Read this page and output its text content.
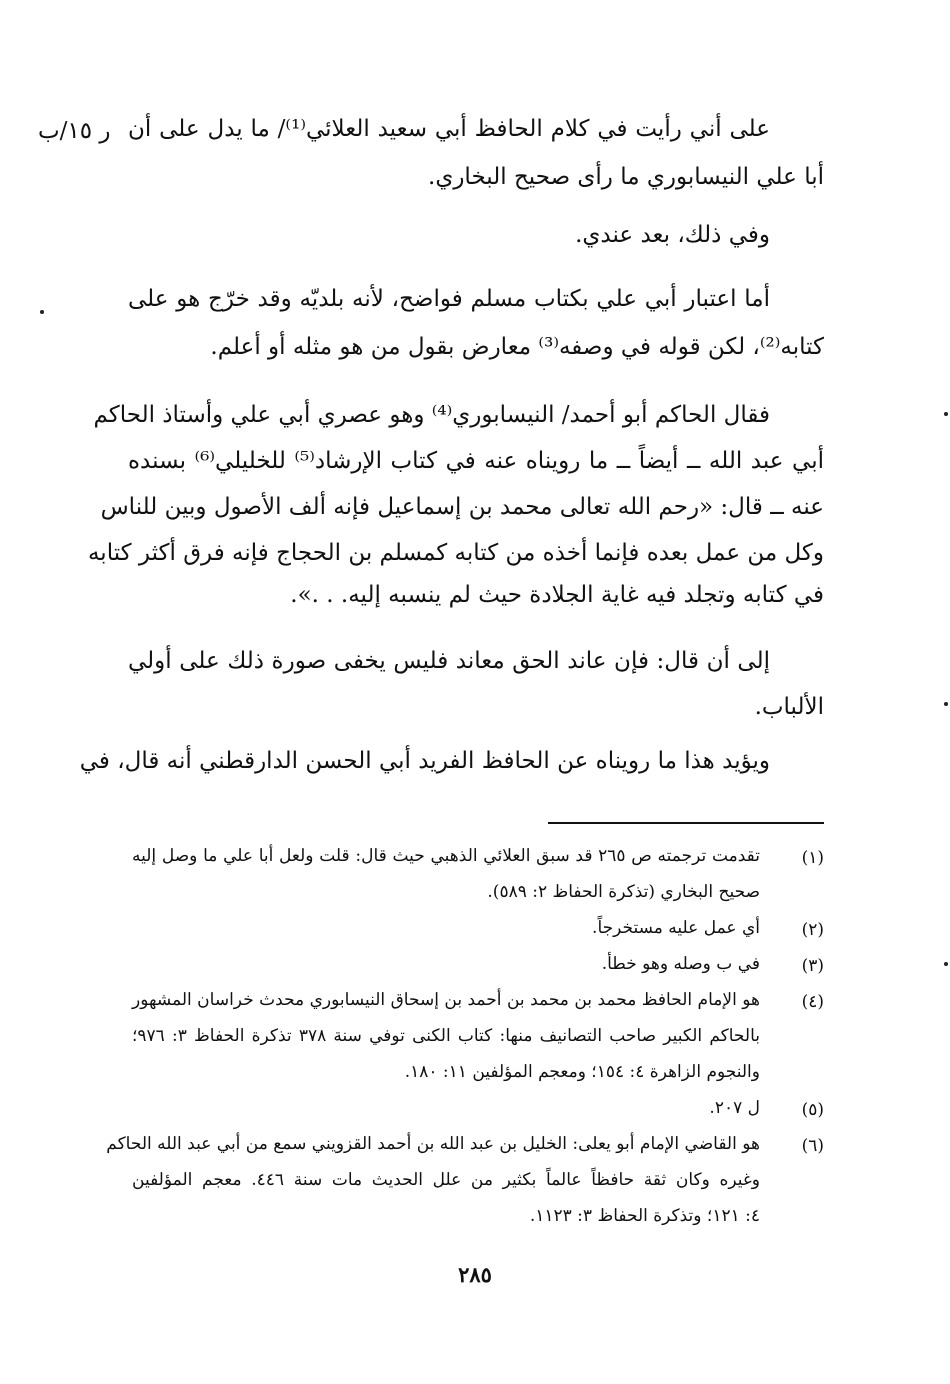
ر ١٥/ب على أني رأيت في كلام الحافظ أبي سعيد العلائي⁽¹⁾/ ما يدل على أن
أبا علي النيسابوري ما رأى صحيح البخاري.
وفي ذلك، بعد عندي.
أما اعتبار أبي علي بكتاب مسلم فواضح، لأنه بلديّه وقد خرّج هو على
كتابه⁽²⁾، لكن قوله في وصفه⁽³⁾ معارض بقول من هو مثله أو أعلم.
فقال الحاكم أبو أحمد/ النيسابوري⁽⁴⁾ وهو عصري أبي علي وأستاذ الحاكم
أبي عبد الله ــ أيضاً ــ ما رويناه عنه في كتاب الإرشاد⁽⁵⁾ للخليلي⁽⁶⁾ بسنده
عنه ــ قال: «رحم الله تعالى محمد بن إسماعيل فإنه ألف الأصول وبين للناس
وكل من عمل بعده فإنما أخذه من كتابه كمسلم بن الحجاج فإنه فرق أكثر كتابه
في كتابه وتجلد فيه غاية الجلادة حيث لم ينسبه إليه. . .».
إلى أن قال: فإن عاند الحق معاند فليس يخفى صورة ذلك على أولي
الألباب.
ويؤيد هذا ما رويناه عن الحافظ الفريد أبي الحسن الدارقطني أنه قال، في
(١)
تقدمت ترجمته ص ٢٦٥ قد سبق العلائي الذهبي حيث قال: قلت ولعل أبا علي ما وصل إليه
صحيح البخاري (تذكرة الحفاظ ٢: ٥٨٩).
(٢)
أي عمل عليه مستخرجاً.
(٣)
في ب وصله وهو خطأ.
(٤)
هو الإمام الحافظ محمد بن محمد بن أحمد بن إسحاق النيسابوري محدث خراسان المشهور
بالحاكم الكبير صاحب التصانيف منها: كتاب الكنى توفي سنة ٣٧٨ تذكرة الحفاظ ٣: ٩٧٦؛
والنجوم الزاهرة ٤: ١٥٤؛ ومعجم المؤلفين ١١: ١٨٠.
(٥)
ل ٢٠٧.
(٦)
هو القاضي الإمام أبو يعلى: الخليل بن عبد الله بن أحمد القزويني سمع من أبي عبد الله الحاكم
وغيره وكان ثقة حافظاً عالماً بكثير من علل الحديث مات سنة ٤٤٦. معجم المؤلفين
٤: ١٢١؛ وتذكرة الحفاظ ٣: ١١٢٣.
٢٨٥
